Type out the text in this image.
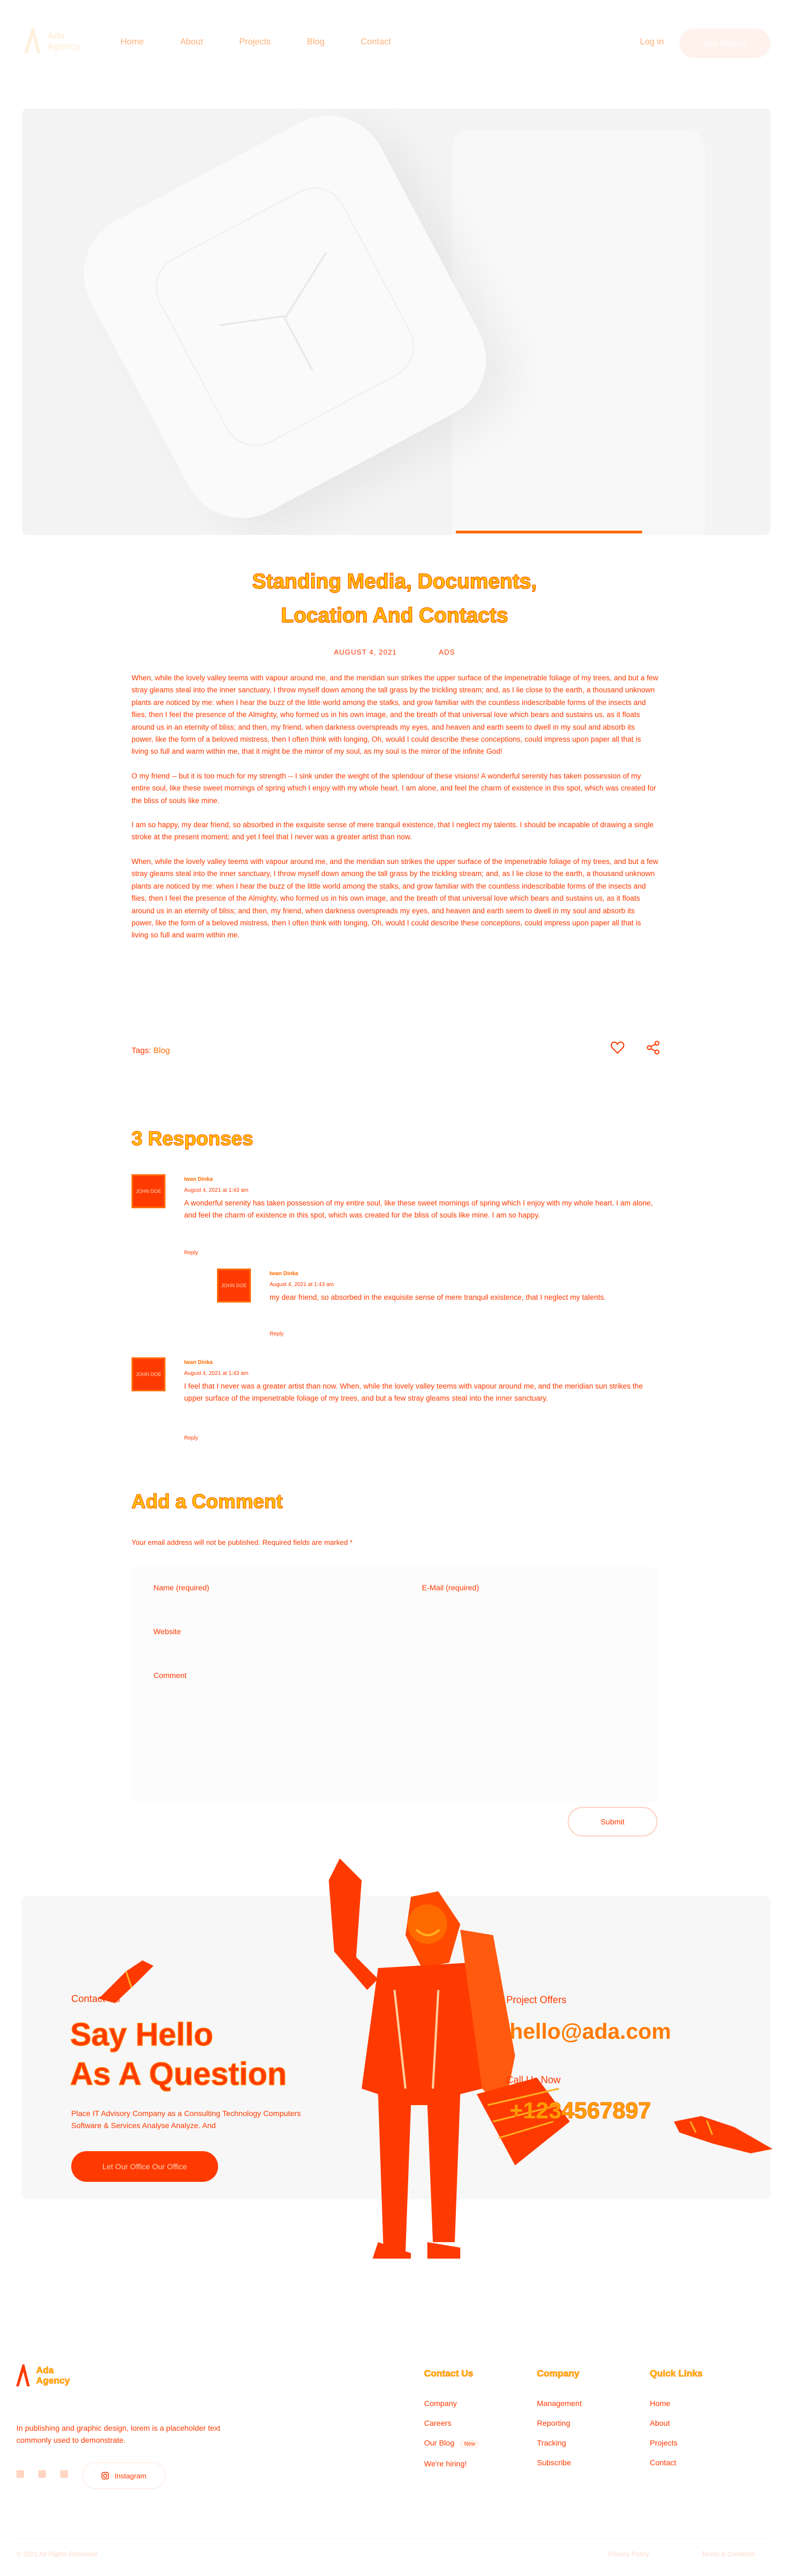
Ada
Agency	Home	About	Projects	Blog	Contact	Log in	Get Started
Standing Media, Documents,
Location And Contacts
AUGUST 4, 2021	ADS

When, while the lovely valley teems with vapour around me, and the meridian sun strikes the upper surface of the impenetrable foliage of my trees, and but a few stray gleams steal into the inner sanctuary, I throw myself down among the tall grass by the trickling stream; and, as I lie close to the earth, a thousand unknown plants are noticed by me: when I hear the buzz of the little world among the stalks, and grow familiar with the countless indescribable forms of the insects and flies, then I feel the presence of the Almighty, who formed us in his own image, and the breath of that universal love which bears and sustains us, as it floats around us in an eternity of bliss; and then, my friend, when darkness overspreads my eyes, and heaven and earth seem to dwell in my soul and absorb its power, like the form of a beloved mistress, then I often think with longing, Oh, would I could describe these conceptions, could impress upon paper all that is living so full and warm within me, that it might be the mirror of my soul, as my soul is the mirror of the infinite God!

O my friend -- but it is too much for my strength -- I sink under the weight of the splendour of these visions! A wonderful serenity has taken possession of my entire soul, like these sweet mornings of spring which I enjoy with my whole heart. I am alone, and feel the charm of existence in this spot, which was created for the bliss of souls like mine.

I am so happy, my dear friend, so absorbed in the exquisite sense of mere tranquil existence, that I neglect my talents. I should be incapable of drawing a single stroke at the present moment; and yet I feel that I never was a greater artist than now.

When, while the lovely valley teems with vapour around me, and the meridian sun strikes the upper surface of the impenetrable foliage of my trees, and but a few stray gleams steal into the inner sanctuary, I throw myself down among the tall grass by the trickling stream; and, as I lie close to the earth, a thousand unknown plants are noticed by me: when I hear the buzz of the little world among the stalks, and grow familiar with the countless indescribable forms of the insects and flies, then I feel the presence of the Almighty, who formed us in his own image, and the breath of that universal love which bears and sustains us, as it floats around us in an eternity of bliss; and then, my friend, when darkness overspreads my eyes, and heaven and earth seem to dwell in my soul and absorb its power, like the form of a beloved mistress, then I often think with longing, Oh, would I could describe these conceptions, could impress upon paper all that is living so full and warm within me.

Tags: Blog
3 Responses
JOHN DOE
Iwan Dinka
August 4, 2021 at 1:43 am
A wonderful serenity has taken possession of my entire soul, like these sweet mornings of spring which I enjoy with my whole heart. I am alone, and feel the charm of existence in this spot, which was created for the bliss of souls like mine. I am so happy.
Reply
JOHN DOE
Iwan Dinka
August 4, 2021 at 1:43 am
my dear friend, so absorbed in the exquisite sense of mere tranquil existence, that I neglect my talents.
Reply
JOHN DOE
Iwan Dinka
August 4, 2021 at 1:43 am
I feel that I never was a greater artist than now. When, while the lovely valley teems with vapour around me, and the meridian sun strikes the upper surface of the impenetrable foliage of my trees, and but a few stray gleams steal into the inner sanctuary.
Reply
Add a Comment
Your email address will not be published. Required fields are marked *
Name (required)	E-Mail (required)
Website
Comment
Submit
Contact Us
Say Hello
As A Question
Place IT Advisory Company as a Consulting Technology Computers Software & Services Analyse Analyze. And
Let Our Office Our Office
Project Offers
hello@ada.com
Call Us Now
+1234567897
Ada
Agency
In publishing and graphic design, lorem is a placeholder text commonly used to demonstrate.
Instagram
Contact Us
Company
Careers
Our Blog New
We're hiring!
Company
Management
Reporting
Tracking
Subscribe
Quick Links
Home
About
Projects
Contact
© 2021 All Rights Reserved.	Privacy Policy	Terms & Condition
